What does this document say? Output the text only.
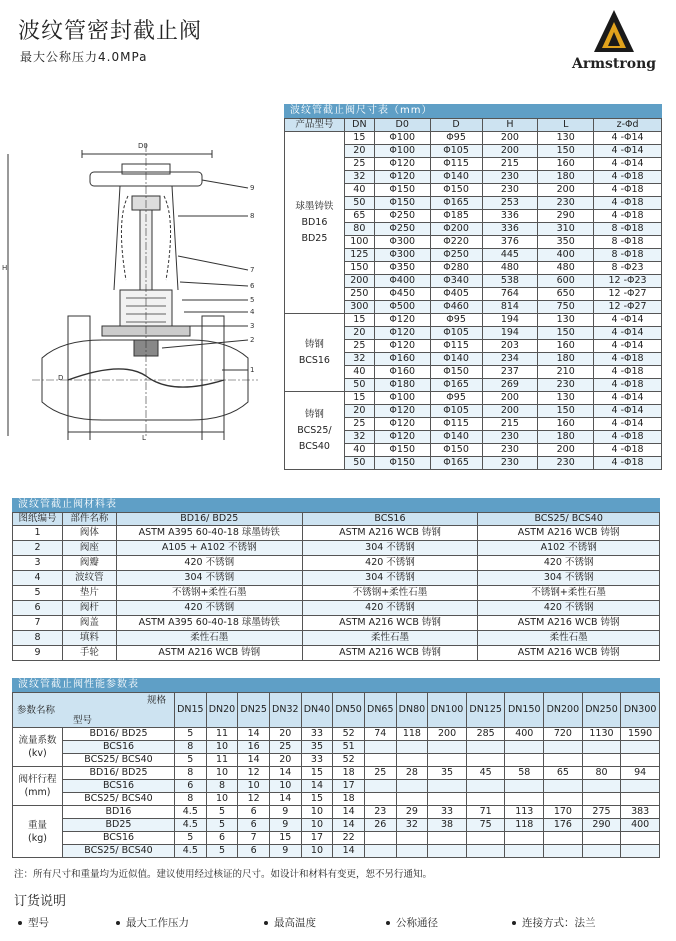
波纹管密封截止阀
最大公称压力4.0MPa	Armstrong
D0
H
L
D
9
8
7
6
5
4
3
2
1
波纹管截止阀尺寸表（mm）
产品型号	DN	D0	D	H	L	z-Φd

球墨铸铁
BD16
BD25	15	Φ100	Φ95	200	130	4 -Φ14
	20	Φ100	Φ105	200	150	4 -Φ14
	25	Φ120	Φ115	215	160	4 -Φ14
	32	Φ120	Φ140	230	180	4 -Φ18
	40	Φ150	Φ150	230	200	4 -Φ18
	50	Φ150	Φ165	253	230	4 -Φ18
	65	Φ250	Φ185	336	290	4 -Φ18
	80	Φ250	Φ200	336	310	8 -Φ18
	100	Φ300	Φ220	376	350	8 -Φ18
	125	Φ300	Φ250	445	400	8 -Φ18
	150	Φ350	Φ280	480	480	8 -Φ23
	200	Φ400	Φ340	538	600	12 -Φ23
	250	Φ450	Φ405	764	650	12 -Φ27
	300	Φ500	Φ460	814	750	12 -Φ27

铸钢
BCS16	15	Φ120	Φ95	194	130	4 -Φ14
	20	Φ120	Φ105	194	150	4 -Φ14
	25	Φ120	Φ115	203	160	4 -Φ14
	32	Φ160	Φ140	234	180	4 -Φ18
	40	Φ160	Φ150	237	210	4 -Φ18
	50	Φ180	Φ165	269	230	4 -Φ18

铸钢
BCS25/
BCS40	15	Φ100	Φ95	200	130	4 -Φ14
	20	Φ120	Φ105	200	150	4 -Φ14
	25	Φ120	Φ115	215	160	4 -Φ14
	32	Φ120	Φ140	230	180	4 -Φ18
	40	Φ150	Φ150	230	200	4 -Φ18
	50	Φ150	Φ165	230	230	4 -Φ18
波纹管截止阀材料表
图纸编号	部件名称	BD16/ BD25	BCS16	BCS25/ BCS40
1	阀体	ASTM A395 60-40-18 球墨铸铁	ASTM A216 WCB 铸钢	ASTM A216 WCB 铸钢
2	阀座	A105 + A102 不锈钢	304 不锈钢	A102 不锈钢
3	阀瓣	420 不锈钢	420 不锈钢	420 不锈钢
4	波纹管	304 不锈钢	304 不锈钢	304 不锈钢
5	垫片	不锈钢+柔性石墨	不锈钢+柔性石墨	不锈钢+柔性石墨
6	阀杆	420 不锈钢	420 不锈钢	420 不锈钢
7	阀盖	ASTM A395 60-40-18 球墨铸铁	ASTM A216 WCB 铸钢	ASTM A216 WCB 铸钢
8	填料	柔性石墨	柔性石墨	柔性石墨
9	手轮	ASTM A216 WCB 铸钢	ASTM A216 WCB 铸钢	ASTM A216 WCB 铸钢
波纹管截止阀性能参数表
规格
参数名称
型号		DN15	DN20	DN25	DN32	DN40	DN50	DN65	DN80	DN100	DN125	DN150	DN200	DN250	DN300

流量系数
(kv)	BD16/ BD25	5	11	14	20	33	52	74	118	200	285	400	720	1130	1590
	BCS16	8	10	16	25	35	51								
	BCS25/ BCS40	5	11	14	20	33	52								

阀杆行程
(mm)	BD16/ BD25	8	10	12	14	15	18	25	28	35	45	58	65	80	94
	BCS16	6	8	10	10	14	17								
	BCS25/ BCS40	8	10	12	14	15	18								

重量
(kg)	BD16	4.5	5	6	9	10	14	23	29	33	71	113	170	275	383
	BD25	4.5	5	6	9	10	14	26	32	38	75	118	176	290	400
	BCS16	5	6	7	15	17	22								
	BCS25/ BCS40	4.5	5	6	9	10	14								
注：所有尺寸和重量均为近似值。建议使用经过核证的尺寸。如设计和材料有变更，恕不另行通知。
订货说明
型号	最大工作压力	最高温度	公称通径	连接方式：法兰
